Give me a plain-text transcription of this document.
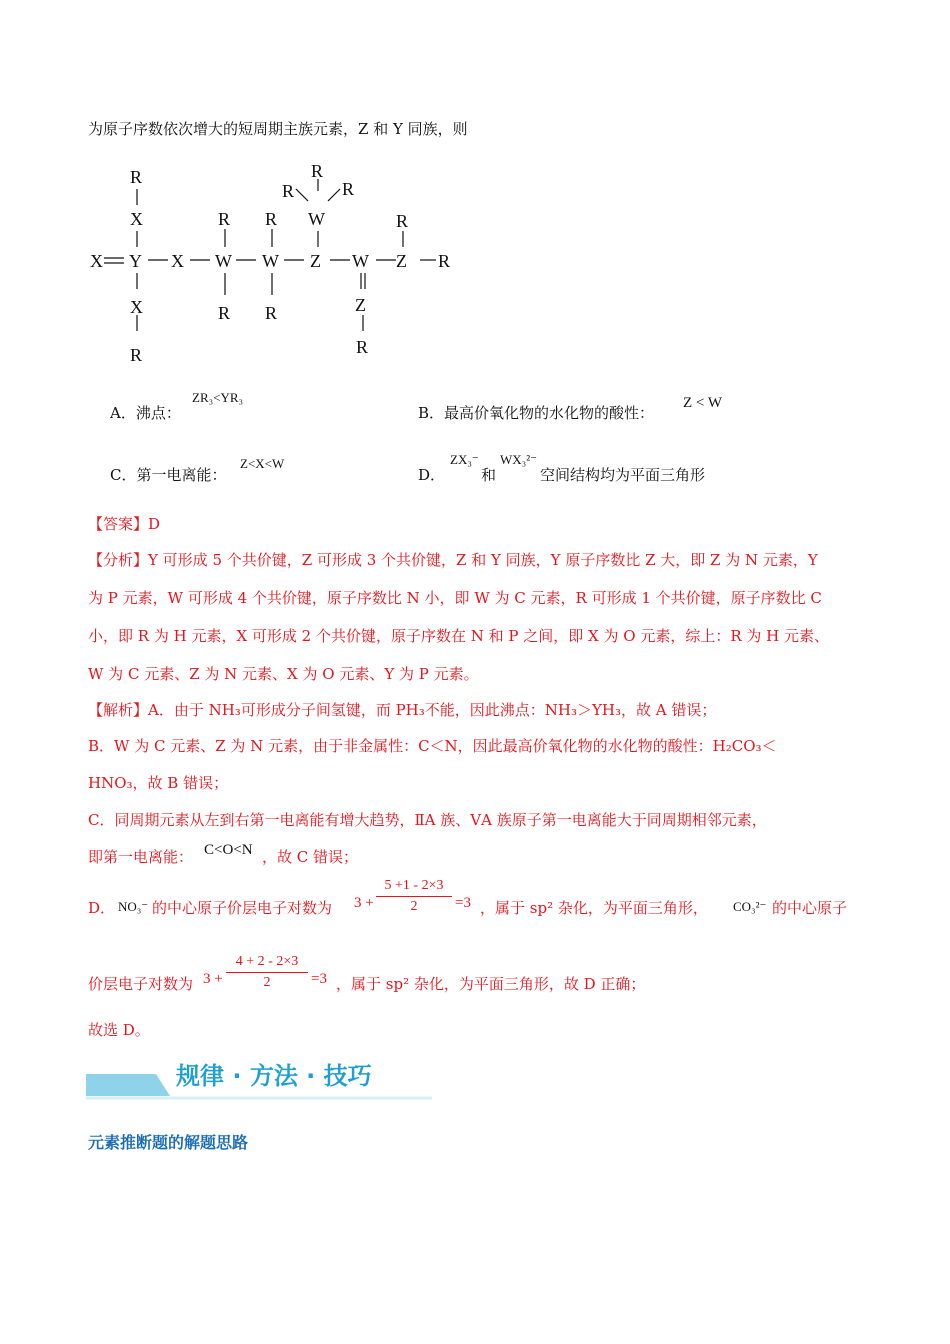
为原子序数依次增大的短周期主族元素，Z 和 Y 同族，则
X Y
R
X
X
R
X W
R
R
W
R
R
Z
W
R
R	R
W
Z
R
Z
R
R
A．沸点：
ZR₃<YR₃
B．最高价氧化物的水化物的酸性：
Z < W
C．第一电离能：
Z<X<W
D．
ZX₃⁻
和
WX₃²⁻
空间结构均为平面三角形
【答案】D
【分析】Y 可形成 5 个共价键，Z 可形成 3 个共价键，Z 和 Y 同族，Y 原子序数比 Z 大，即 Z 为 N 元素，Y
为 P 元素，W 可形成 4 个共价键，原子序数比 N 小，即 W 为 C 元素，R 可形成 1 个共价键，原子序数比 C
小，即 R 为 H 元素，X 可形成 2 个共价键，原子序数在 N 和 P 之间，即 X 为 O 元素，综上：R 为 H 元素、
W 为 C 元素、Z 为 N 元素、X 为 O 元素、Y 为 P 元素。
【解析】A．由于 NH₃可形成分子间氢键，而 PH₃不能，因此沸点：NH₃＞YH₃，故 A 错误；
B．W 为 C 元素、Z 为 N 元素，由于非金属性：C＜N，因此最高价氧化物的水化物的酸性：H₂CO₃＜
HNO₃，故 B 错误；
C．同周期元素从左到右第一电离能有增大趋势，ⅡA 族、ⅤA 族原子第一电离能大于同周期相邻元素，
即第一电离能： C<O<N ，故 C 错误；
D． NO₃⁻ 的中心原子价层电子对数为 3 +
5 +1 - 2×3
2	=3 ，属于 sp² 杂化，为平面三角形， CO₃²⁻ 的中心原子
价层电子对数为 3 +
4 + 2 - 2×3
2	=3 ，属于 sp² 杂化，为平面三角形，故 D 正确；
故选 D。
规律 · 方法 · 技巧
元素推断题的解题思路
